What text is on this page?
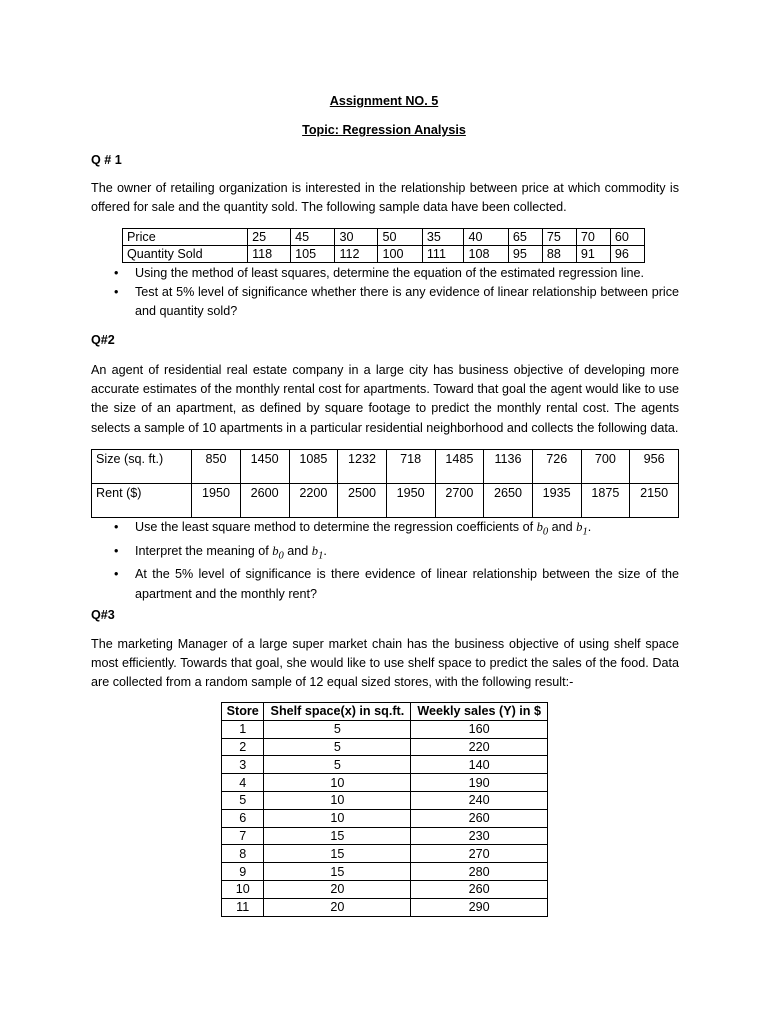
Assignment NO. 5
Topic: Regression Analysis
Q # 1
The owner of retailing organization is interested in the relationship between price at which commodity is offered for sale and the quantity sold. The following sample data have been collected.
Price	25	45	30	50	35	40	65	75	70	60
Quantity Sold	118	105	112	100	111	108	95	88	91	96
• Using the method of least squares, determine the equation of the estimated regression line.
• Test at 5% level of significance whether there is any evidence of linear relationship between price and quantity sold?
Q#2
An agent of residential real estate company in a large city has business objective of developing more accurate estimates of the monthly rental cost for apartments. Toward that goal the agent would like to use the size of an apartment, as defined by square footage to predict the monthly rental cost. The agents selects a sample of 10 apartments in a particular residential neighborhood and collects the following data.
Size (sq. ft.)	850	1450	1085	1232	718	1485	1136	726	700	956
Rent ($)	1950	2600	2200	2500	1950	2700	2650	1935	1875	2150
• Use the least square method to determine the regression coefficients of $b_0$ and $b_1$.
• Interpret the meaning of $b_0$ and $b_1$.
• At the 5% level of significance is there evidence of linear relationship between the size of the apartment and the monthly rent?
Q#3
The marketing Manager of a large super market chain has the business objective of using shelf space most efficiently. Towards that goal, she would like to use shelf space to predict the sales of the food. Data are collected from a random sample of 12 equal sized stores, with the following result:-
Store	Shelf space(x) in sq.ft.	Weekly sales (Y) in $
1	5	160
2	5	220
3	5	140
4	10	190
5	10	240
6	10	260
7	15	230
8	15	270
9	15	280
10	20	260
11	20	290
